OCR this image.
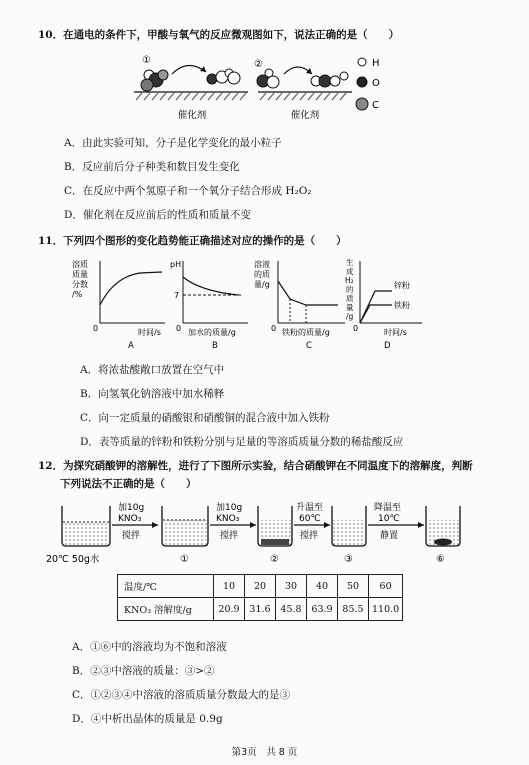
10．在通电的条件下，甲酸与氧气的反应微观图如下，说法正确的是（　　）
①	②
催化剂	催化剂
H
O
C
A．由此实验可知，分子是化学变化的最小粒子
B．反应前后分子种类和数目发生变化
C．在反应中两个氢原子和一个氧分子结合形成 H₂O₂
D．催化剂在反应前后的性质和质量不变
11．下列四个图形的变化趋势能正确描述对应的操作的是（　　）
溶质
质量
分数
/%
0	时间/s
A
pH
7
0 加水的质量/g
B
溶液
的质
量/g
0 铁粉的质量/g
C
生
成
H₂
的
质
量
/g
锌粉
铁粉
0	时间/s
D
A．将浓盐酸敞口放置在空气中
B．向氢氧化钠溶液中加水稀释
C．向一定质量的硝酸银和硝酸铜的混合液中加入铁粉
D．表等质量的锌粉和铁粉分别与足量的等溶质质量分数的稀盐酸反应
12．为探究硝酸钾的溶解性，进行了下图所示实验，结合硝酸钾在不同温度下的溶解度，判断
下列说法不正确的是（　　）
20℃ 50g水
加10g
KNO₃
搅拌
①
加10g
KNO₃
搅拌
②
升温至
60℃
搅拌
③
降温至
10℃
静置
⑥
温度/℃	10	20	30	40	50	60
KNO₃ 溶解度/g	20.9	31.6	45.8	63.9	85.5	110.0
A．①⑥中的溶液均为不饱和溶液
B．②③中溶液的质量：③>②
C．①②③④中溶液的溶质质量分数最大的是③
D．④中析出晶体的质量是 0.9g
第3页　共 8 页
